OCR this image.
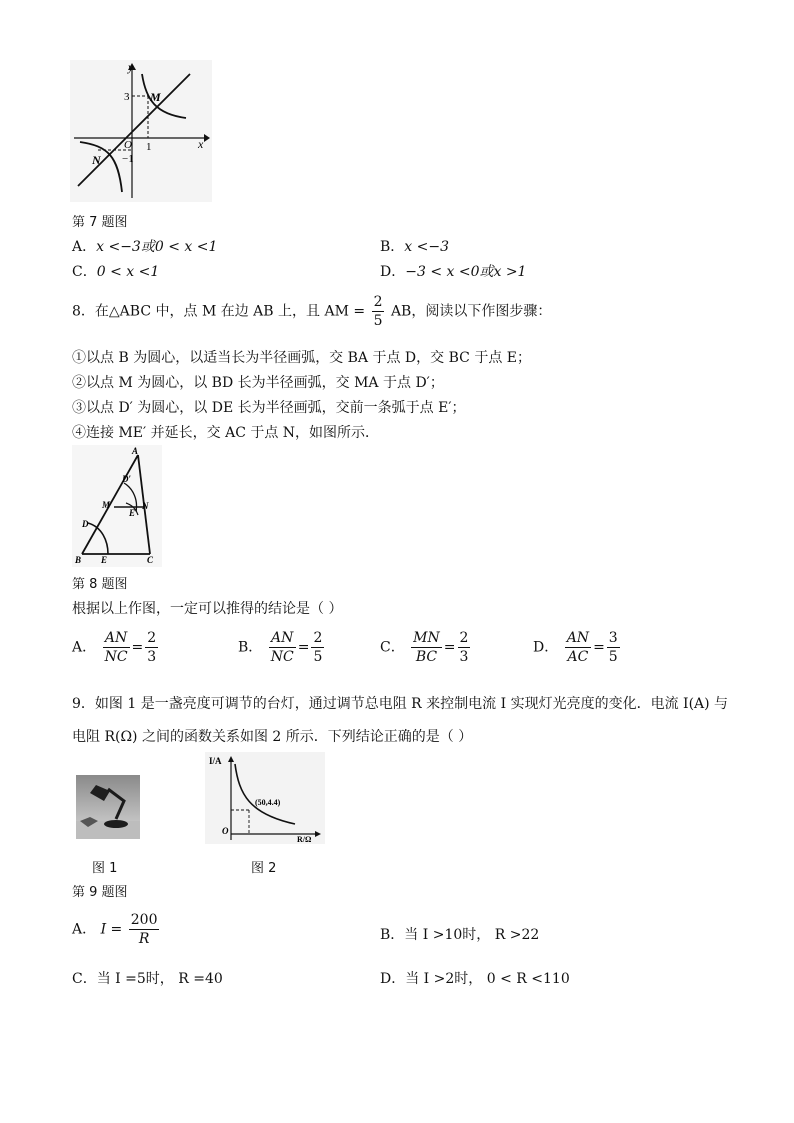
y
x
M
N
O
3
1
−1
第 7 题图
A．x <−3或0 < x <1	B．x <−3
C．0 < x <1	D．−3 < x <0或x >1
8．在△ABC 中，点 M 在边 AB 上，且 AM = $\frac{2}{5}$ AB，阅读以下作图步骤：
①以点 B 为圆心，以适当长为半径画弧，交 BA 于点 D，交 BC 于点 E；
②以点 M 为圆心，以 BD 长为半径画弧，交 MA 于点 D′；
③以点 D′ 为圆心，以 DE 长为半径画弧，交前一条弧于点 E′；
④连接 ME′ 并延长，交 AC 于点 N，如图所示．
A
D′
M	N
E′
D
B E	C
第 8 题图
根据以上作图，一定可以推得的结论是（ ）
A． $\frac{AN}{NC} = \frac{2}{3}$	B． $\frac{AN}{NC} = \frac{2}{5}$	C． $\frac{MN}{BC} = \frac{2}{3}$	D． $\frac{AN}{AC} = \frac{3}{5}$
9．如图 1 是一盏亮度可调节的台灯，通过调节总电阻 R 来控制电流 I 实现灯光亮度的变化．电流 I(A) 与
电阻 R(Ω) 之间的函数关系如图 2 所示．下列结论正确的是（ ）
I/A
R/Ω
O
(50,4.4)
图 1	图 2
第 9 题图
A． $I = \frac{200}{R}$	B．当 I >10时， R >22
C．当 I =5时， R =40	D．当 I >2时， 0 < R <110
